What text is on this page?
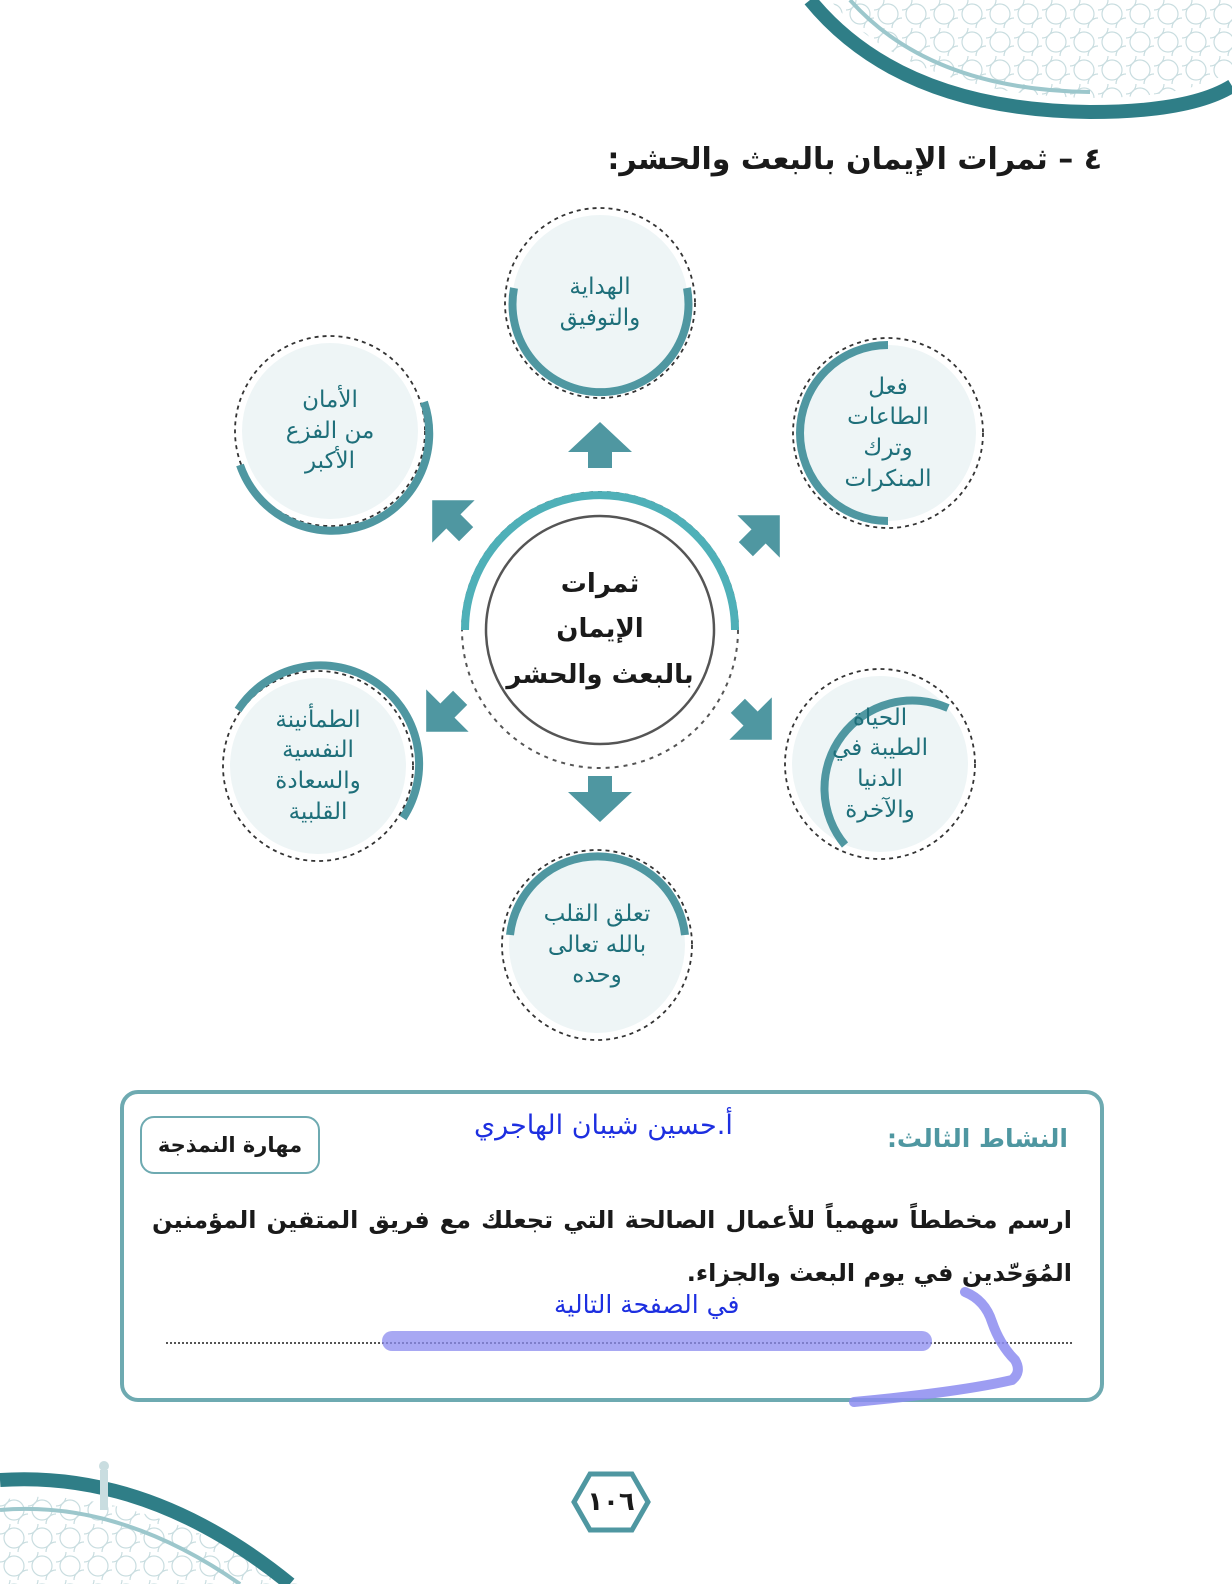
٤ – ثمرات الإيمان بالبعث والحشر:
ثمرات
الإيمان
بالبعث والحشر
الهداية
والتوفيق
فعل
الطاعات
وترك
المنكرات
الحياة
الطيبة في
الدنيا
والآخرة
تعلق القلب
بالله تعالى
وحده
الطمأنينة
النفسية
والسعادة
القلبية
الأمان
من الفزع
الأكبر
النشاط الثالث:
مهارة النمذجة
أ.حسين شيبان الهاجري
ارسم مخططاً سهمياً للأعمال الصالحة التي تجعلك مع فريق المتقين المؤمنين المُوَحّدين في يوم البعث والجزاء.
في الصفحة التالية
١٠٦
